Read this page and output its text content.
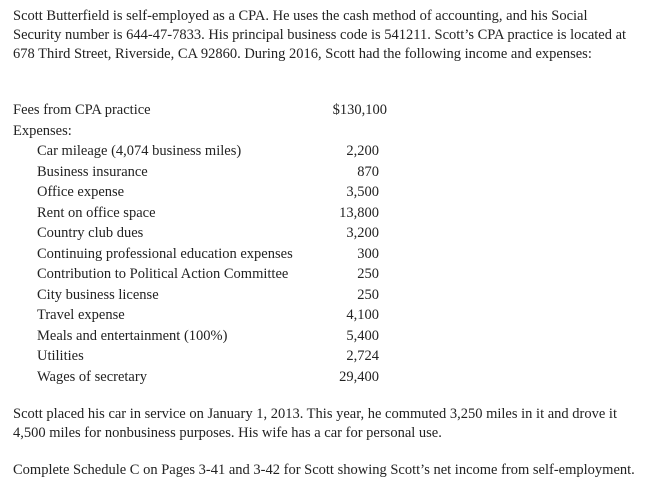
Scott Butterfield is self-employed as a CPA. He uses the cash method of accounting, and his Social Security number is 644-47-7833. His principal business code is 541211. Scott’s CPA practice is located at 678 Third Street, Riverside, CA 92860. During 2016, Scott had the following income and expenses:

Fees from CPA practice	$130,100
Expenses:
Car mileage (4,074 business miles)	2,200
Business insurance	870
Office expense	3,500
Rent on office space	13,800
Country club dues	3,200
Continuing professional education expenses	300
Contribution to Political Action Committee	250
City business license	250
Travel expense	4,100
Meals and entertainment (100%)	5,400
Utilities	2,724
Wages of secretary	29,400

Scott placed his car in service on January 1, 2013. This year, he commuted 3,250 miles in it and drove it 4,500 miles for nonbusiness purposes. His wife has a car for personal use.

Complete Schedule C on Pages 3-41 and 3-42 for Scott showing Scott’s net income from self-employment.
